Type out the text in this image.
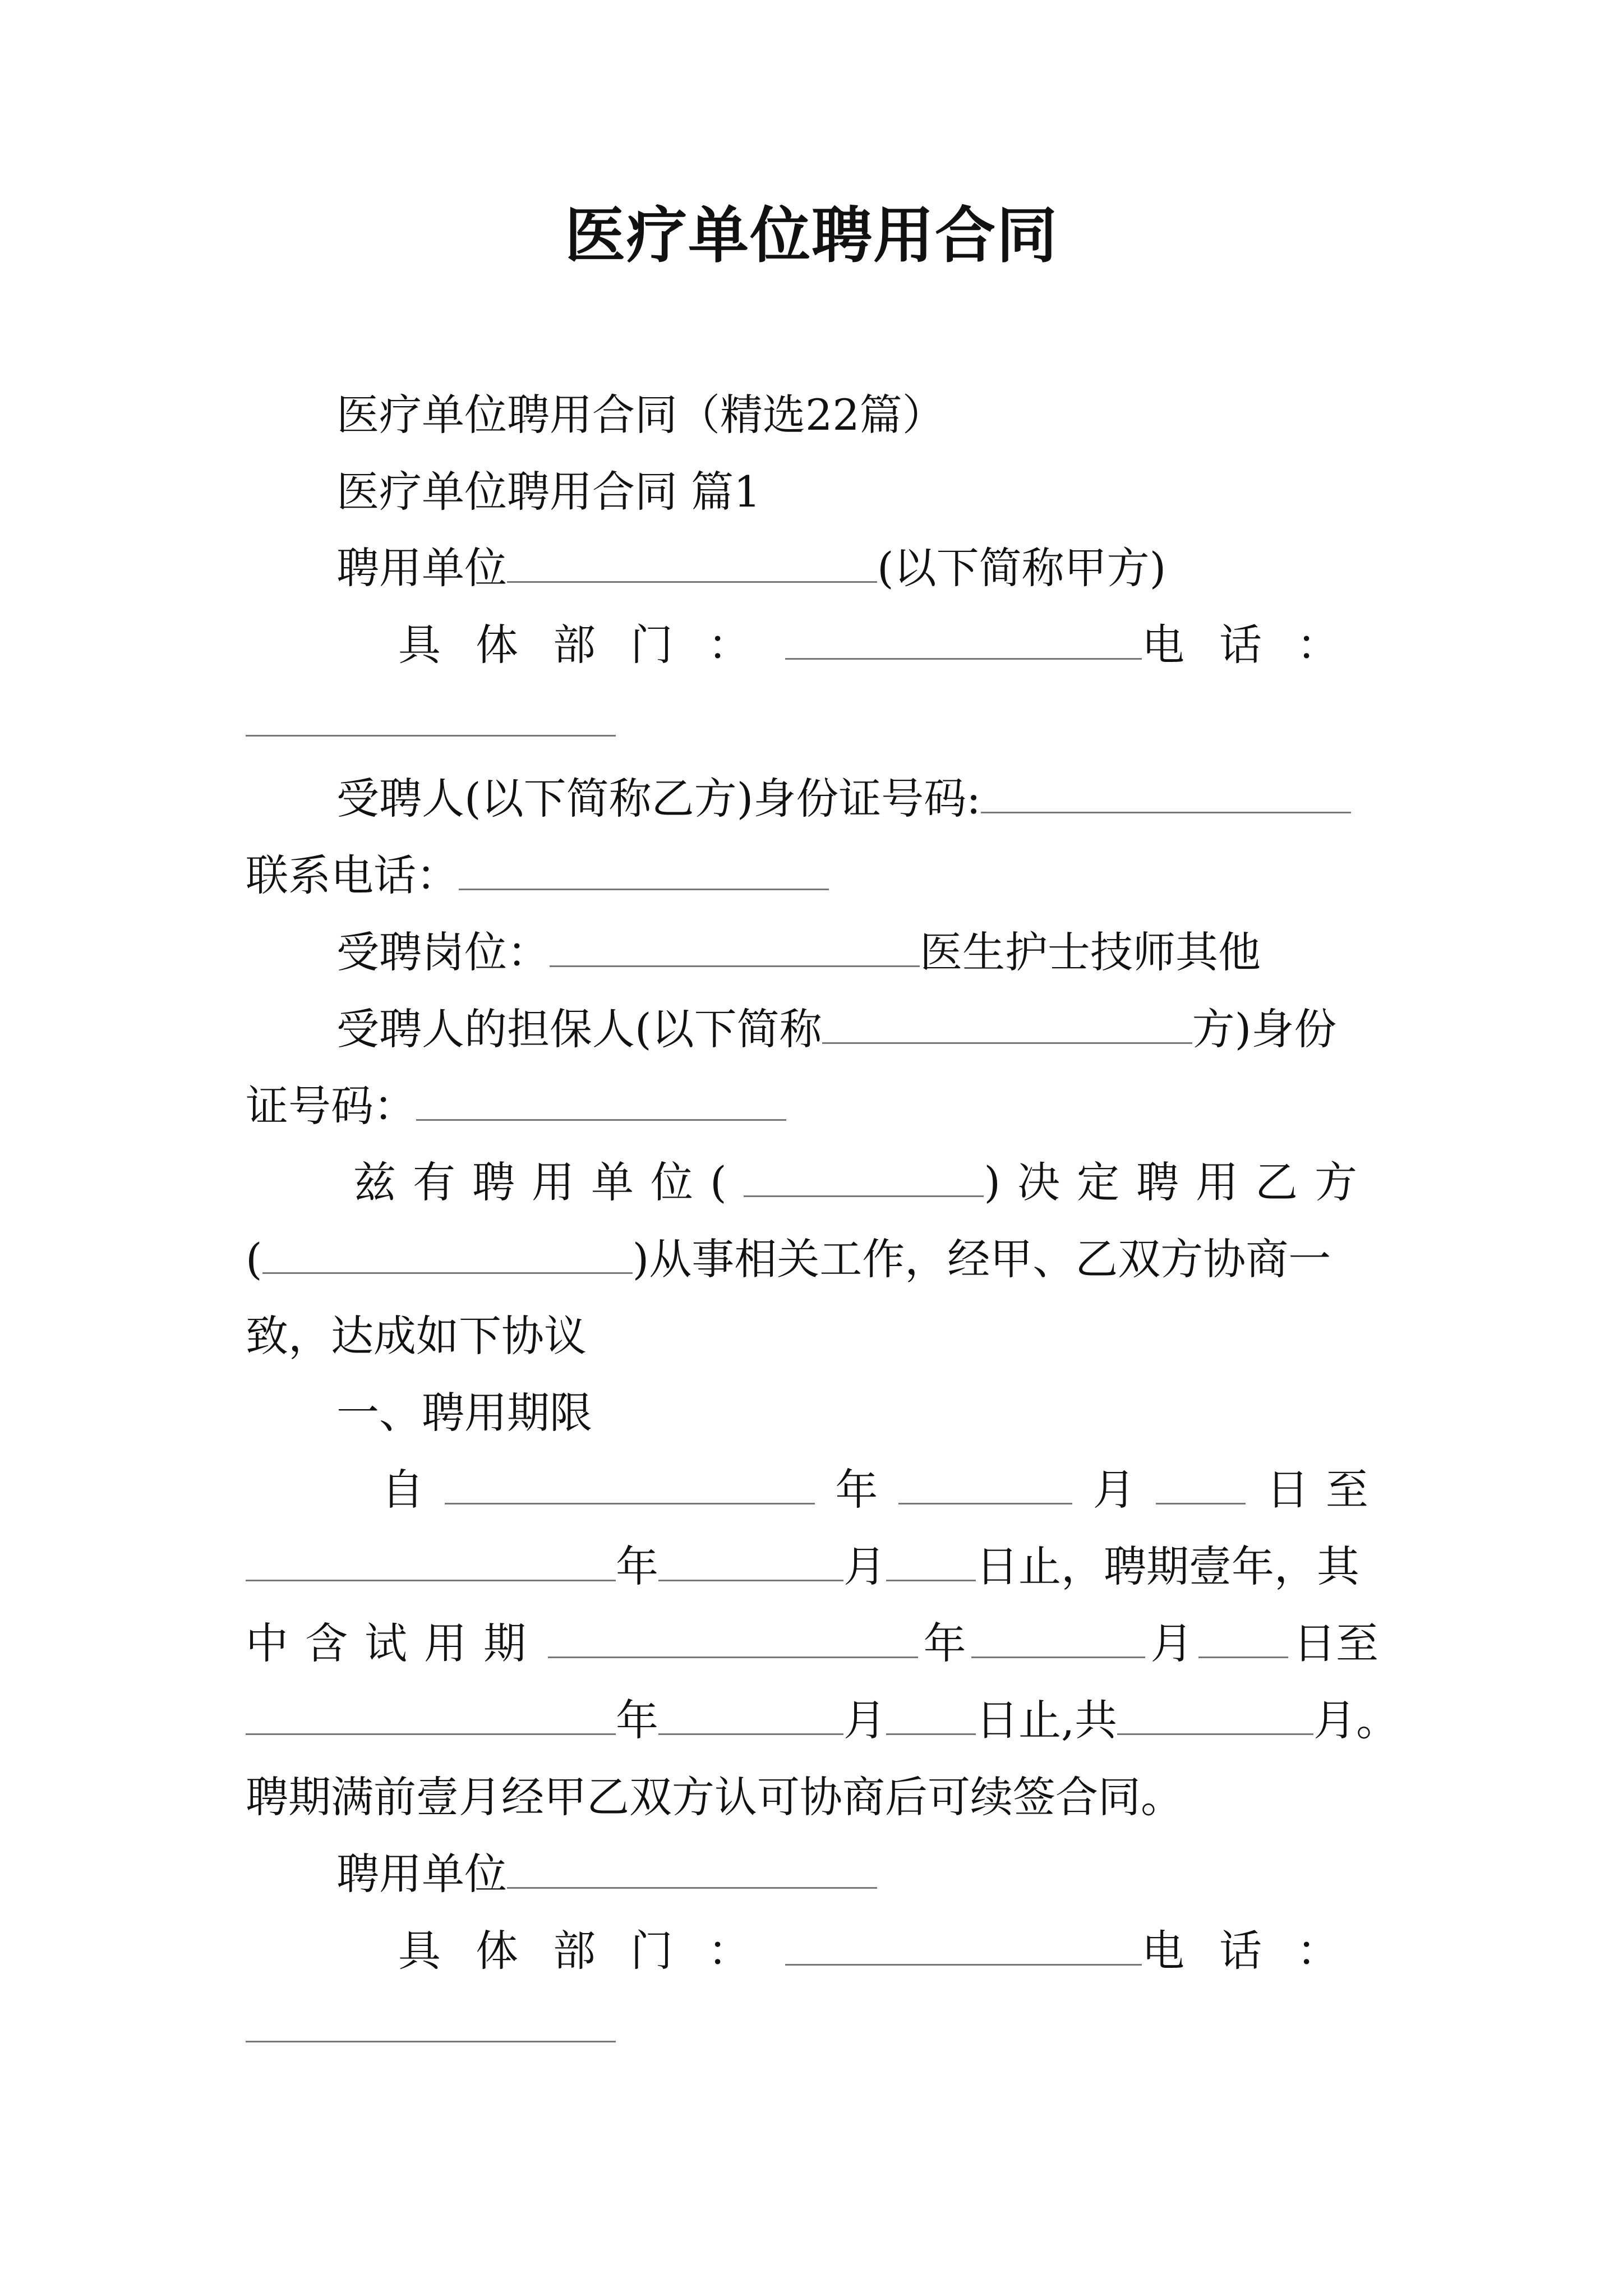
医疗单位聘用合同
医疗单位聘用合同（精选22篇）
医疗单位聘用合同 篇1
聘用单位	(以下简称甲方)
具体部门：	电话：
受聘人(以下简称乙方)身份证号码:
联系电话：
受聘岗位：	医生护士技师其他
受聘人的担保人(以下简称	方)身份
证号码：
兹有聘用单位(	)决定聘用乙方
(	)从事相关工作，经甲、乙双方协商一
致，达成如下协议
一、聘用期限
自	年	月	日至
年	月 日止，聘期壹年，其
中含试用期	年	月 日至
年	月 日止,共	月。
聘期满前壹月经甲乙双方认可协商后可续签合同。
聘用单位
具体部门：	电话：
